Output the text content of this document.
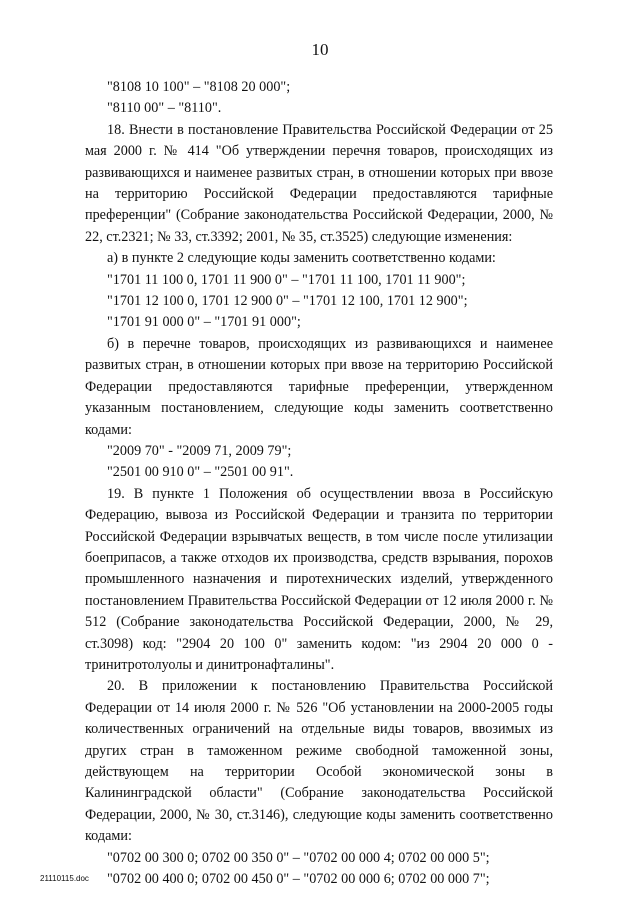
10

"8108 10 100" – "8108 20 000";

"8110 00" – "8110".

18. Внести в постановление Правительства Российской Федерации от 25 мая 2000 г. № 414 "Об утверждении перечня товаров, происходящих из развивающихся и наименее развитых стран, в отношении которых при ввозе на территорию Российской Федерации предоставляются тарифные преференции" (Собрание законодательства Российской Федерации, 2000, № 22, ст.2321; № 33, ст.3392; 2001, № 35, ст.3525) следующие изменения:

а) в пункте 2 следующие коды заменить соответственно кодами:

"1701 11 100 0, 1701 11 900 0" – "1701 11 100, 1701 11 900";

"1701 12 100 0, 1701 12 900 0" – "1701 12 100, 1701 12 900";

"1701 91 000 0" – "1701 91 000";

б) в перечне товаров, происходящих из развивающихся и наименее развитых стран, в отношении которых при ввозе на территорию Российской Федерации предоставляются тарифные преференции, утвержденном указанным постановлением, следующие коды заменить соответственно кодами:

"2009 70" - "2009 71, 2009 79";

"2501 00 910 0" – "2501 00 91".

19. В пункте 1 Положения об осуществлении ввоза в Российскую Федерацию, вывоза из Российской Федерации и транзита по территории Российской Федерации взрывчатых веществ, в том числе после утилизации боеприпасов, а также отходов их производства, средств взрывания, порохов промышленного назначения и пиротехнических изделий, утвержденного постановлением Правительства Российской Федерации от 12 июля 2000 г. № 512 (Собрание законодательства Российской Федерации, 2000, № 29, ст.3098) код: "2904 20 100 0" заменить кодом: "из 2904 20 000 0 - тринитротолуолы и динитронафталины".

20. В приложении к постановлению Правительства Российской Федерации от 14 июля 2000 г. № 526 "Об установлении на 2000-2005 годы количественных ограничений на отдельные виды товаров, ввозимых из других стран в таможенном режиме свободной таможенной зоны, действующем на территории Особой экономической зоны в Калининградской области" (Собрание законодательства Российской Федерации, 2000, № 30, ст.3146), следующие коды заменить соответственно кодами:

"0702 00 300 0; 0702 00 350 0" – "0702 00 000 4; 0702 00 000 5";

"0702 00 400 0; 0702 00 450 0" – "0702 00 000 6; 0702 00 000 7";

21110115.doc
